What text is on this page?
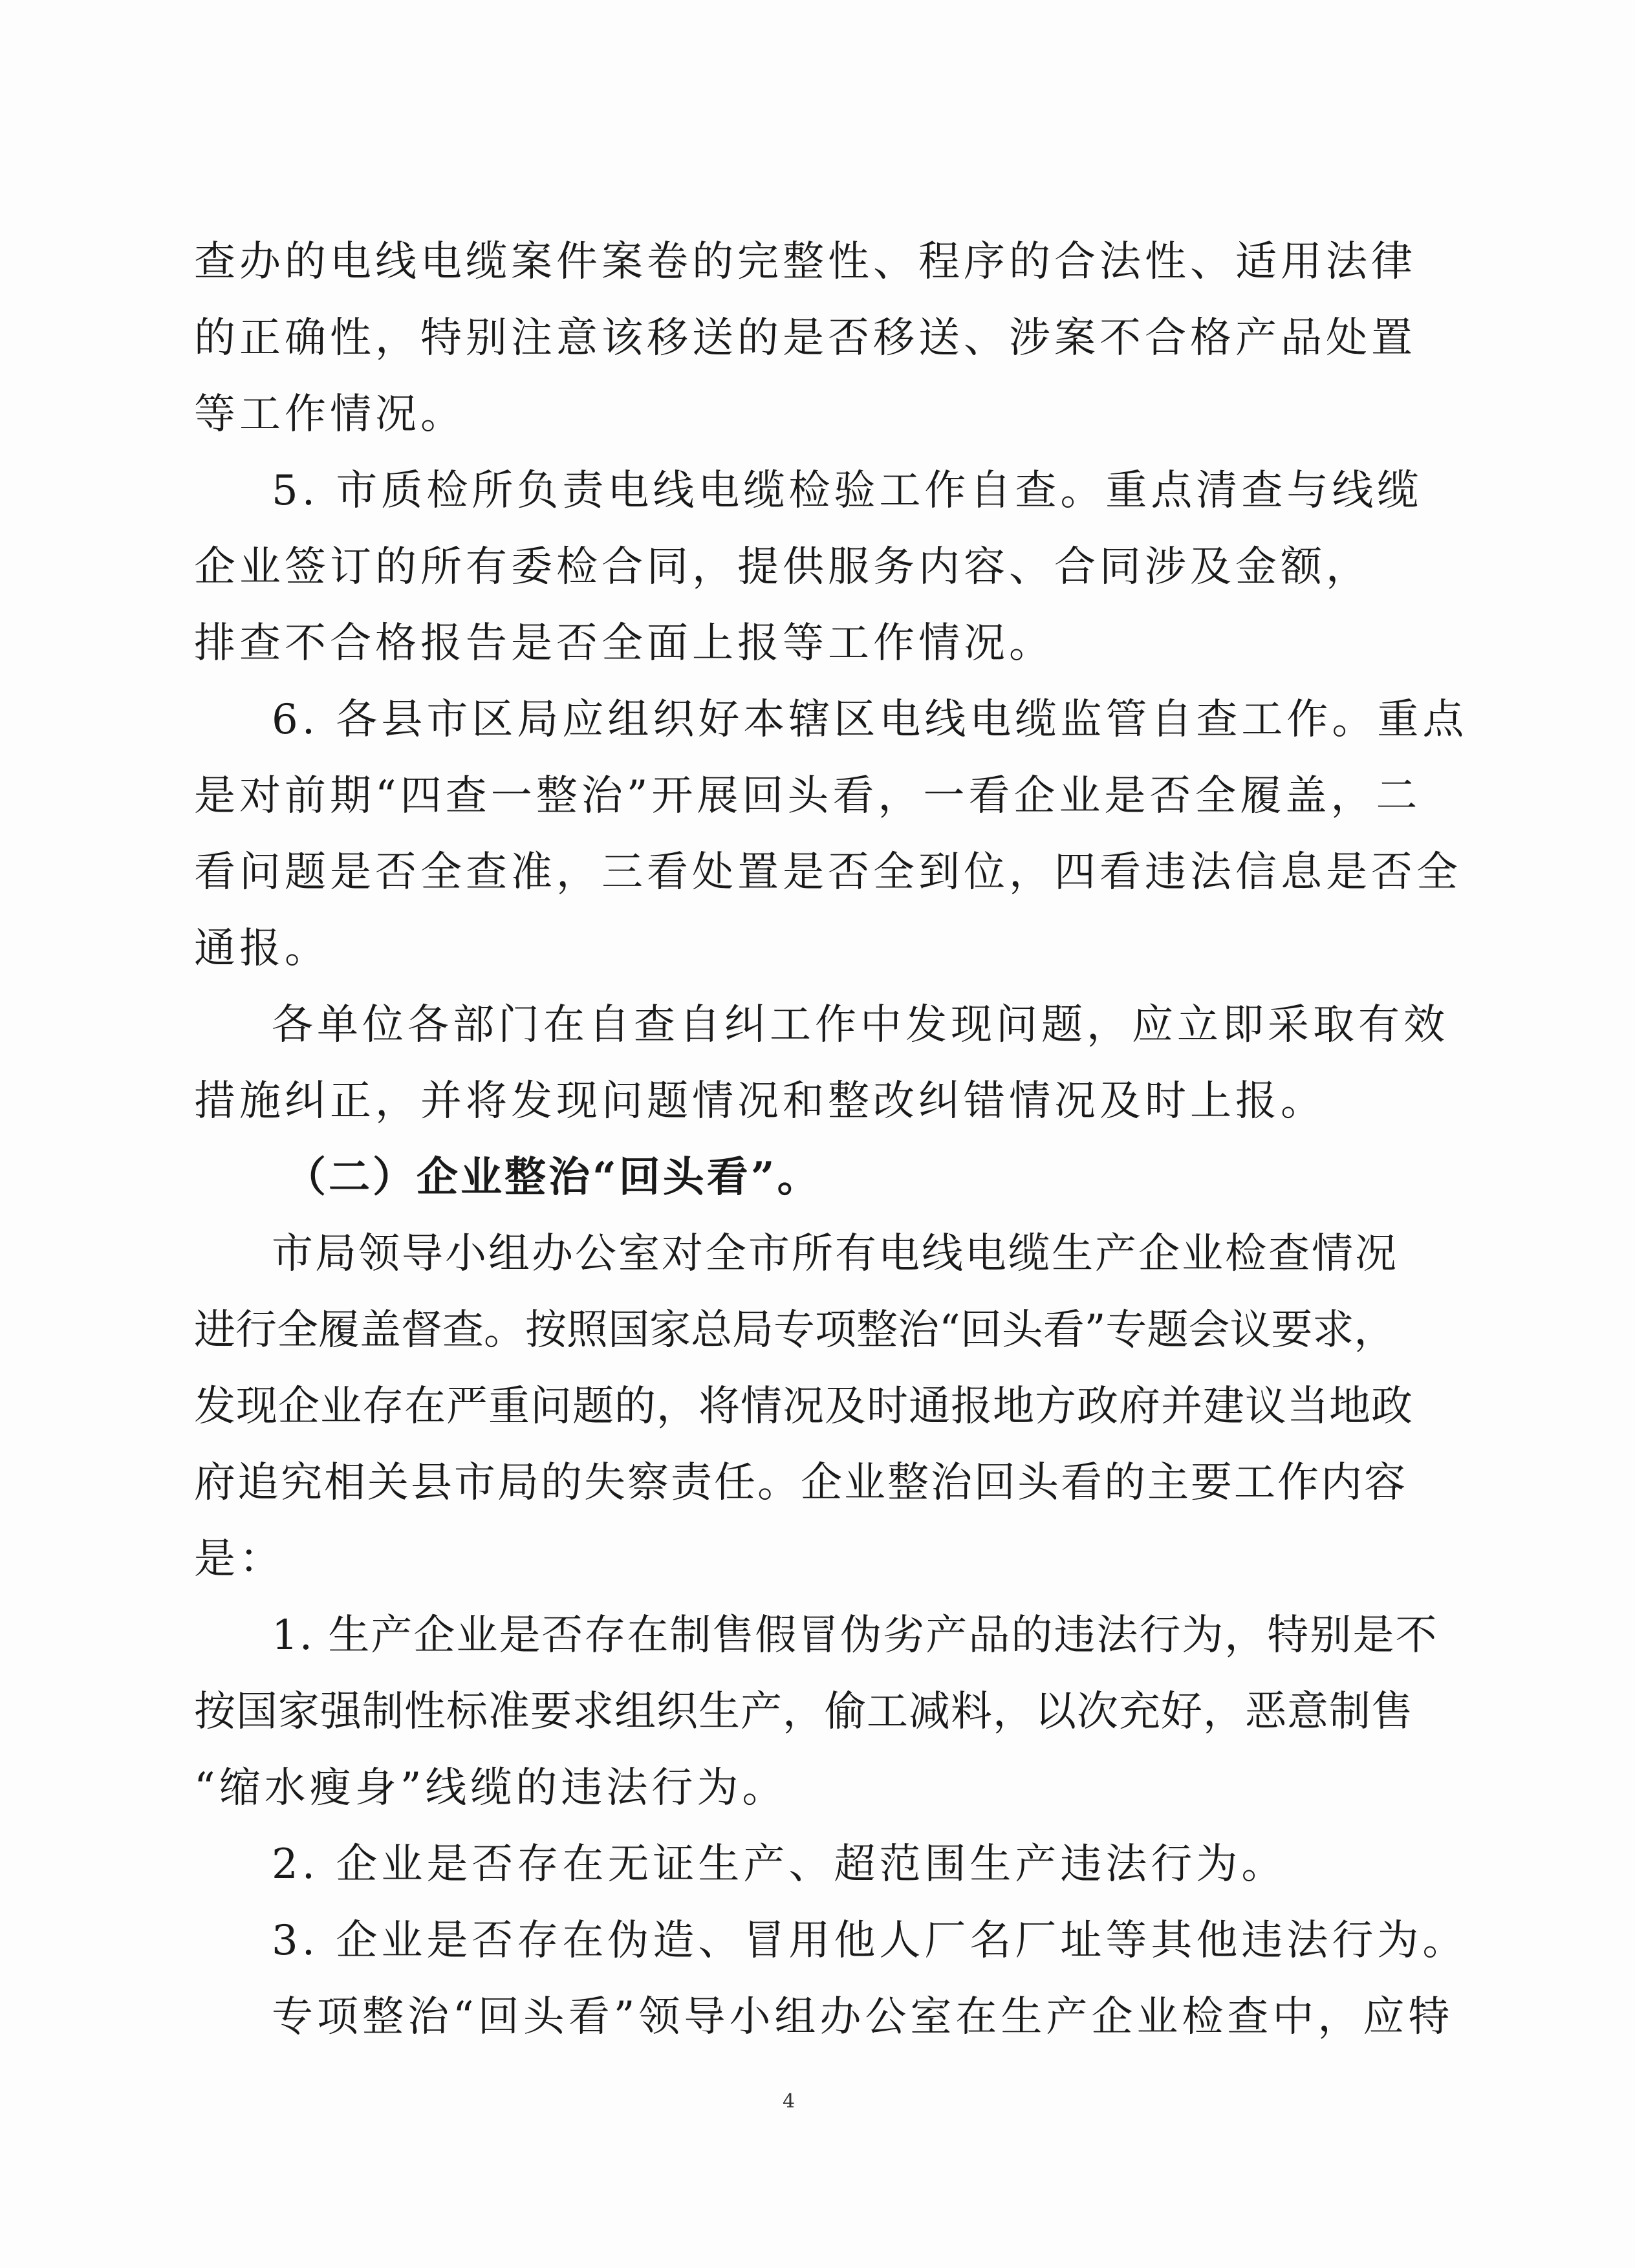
查办的电线电缆案件案卷的完整性、程序的合法性、适用法律
的正确性，特别注意该移送的是否移送、涉案不合格产品处置
等工作情况。
5. 市质检所负责电线电缆检验工作自查。重点清查与线缆
企业签订的所有委检合同，提供服务内容、合同涉及金额，
排查不合格报告是否全面上报等工作情况。
6. 各县市区局应组织好本辖区电线电缆监管自查工作。重点
是对前期“四查一整治”开展回头看，一看企业是否全履盖，二
看问题是否全查准，三看处置是否全到位，四看违法信息是否全
通报。
各单位各部门在自查自纠工作中发现问题，应立即采取有效
措施纠正，并将发现问题情况和整改纠错情况及时上报。
（二）企业整治“回头看”。
市局领导小组办公室对全市所有电线电缆生产企业检查情况
进行全履盖督查。按照国家总局专项整治“回头看”专题会议要求，
发现企业存在严重问题的，将情况及时通报地方政府并建议当地政
府追究相关县市局的失察责任。企业整治回头看的主要工作内容
是：
1. 生产企业是否存在制售假冒伪劣产品的违法行为，特别是不
按国家强制性标准要求组织生产，偷工减料，以次充好，恶意制售
“缩水瘦身”线缆的违法行为。
2. 企业是否存在无证生产、超范围生产违法行为。
3. 企业是否存在伪造、冒用他人厂名厂址等其他违法行为。
专项整治“回头看”领导小组办公室在生产企业检查中，应特
4
